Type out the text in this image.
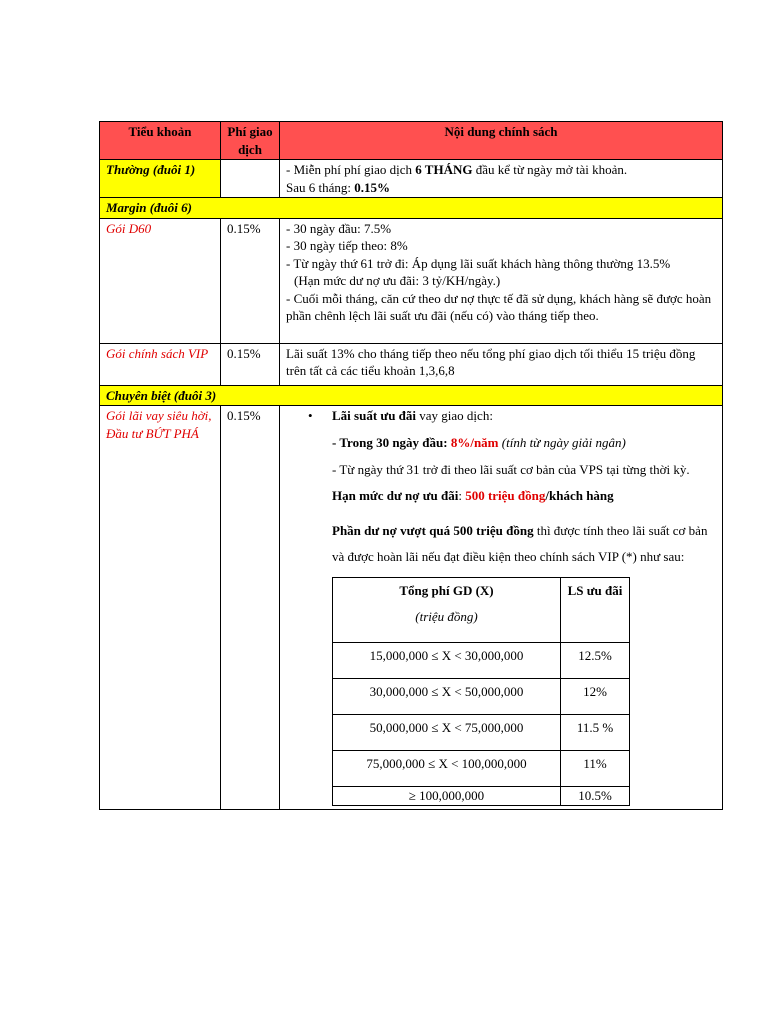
Tiểu khoản	Phí giao dịch	Nội dung chính sách
Thường (đuôi 1)		- Miễn phí phí giao dịch 6 THÁNG đầu kể từ ngày mở tài khoản.
Sau 6 tháng: 0.15%
Margin (đuôi 6)
Gói D60	0.15%	- 30 ngày đầu: 7.5%
- 30 ngày tiếp theo: 8%
- Từ ngày thứ 61 trở đi: Áp dụng lãi suất khách hàng thông thường 13.5%
(Hạn mức dư nợ ưu đãi: 3 tỷ/KH/ngày.)
- Cuối mỗi tháng, căn cứ theo dư nợ thực tế đã sử dụng, khách hàng sẽ được hoàn phần chênh lệch lãi suất ưu đãi (nếu có) vào tháng tiếp theo.

Gói chính sách VIP	0.15%	Lãi suất 13% cho tháng tiếp theo nếu tổng phí giao dịch tối thiểu 15 triệu đồng trên tất cả các tiểu khoản 1,3,6,8
Chuyên biệt (đuôi 3)
Gói lãi vay siêu hời, Đầu tư BỨT PHÁ	0.15%	• Lãi suất ưu đãi vay giao dịch:

- Trong 30 ngày đầu: 8%/năm (tính từ ngày giải ngân)

- Từ ngày thứ 31 trở đi theo lãi suất cơ bản của VPS tại từng thời kỳ.

Hạn mức dư nợ ưu đãi: 500 triệu đồng/khách hàng

Phần dư nợ vượt quá 500 triệu đồng thì được tính theo lãi suất cơ bản và được hoàn lãi nếu đạt điều kiện theo chính sách VIP (*) như sau:

Tổng phí GD (X)
(triệu đồng)
	LS ưu đãi
15,000,000 ≤ X < 30,000,000	12.5%
30,000,000 ≤ X < 50,000,000	12%
50,000,000 ≤ X < 75,000,000	11.5 %
75,000,000 ≤ X < 100,000,000	11%
≥ 100,000,000	10.5%
